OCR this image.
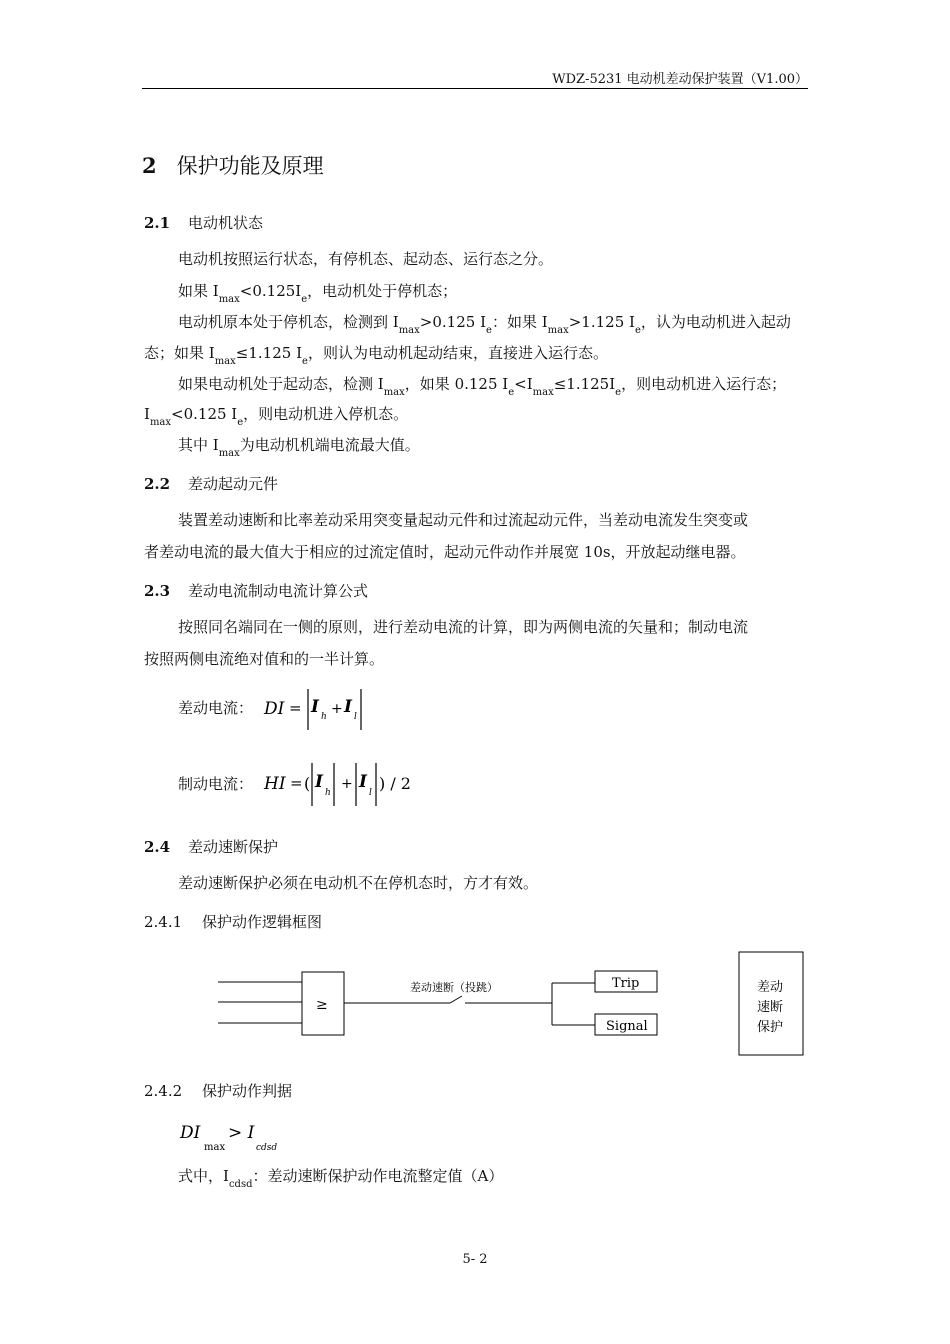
WDZ-5231 电动机差动保护装置（V1.00）
2 保护功能及原理
2.1 电动机状态
电动机按照运行状态，有停机态、起动态、运行态之分。
如果 $I_{max}<0.125I_e$，电动机处于停机态；
电动机原本处于停机态，检测到 $I_{max}>0.125$ $I_e$：如果 $I_{max}>1.125$ $I_e$，认为电动机进入起动
态；如果 $I_{max}\le 1.125$ $I_e$，则认为电动机起动结束，直接进入运行态。
如果电动机处于起动态，检测 $I_{max}$，如果 0.125 $I_e<I_{max}\le 1.125I_e$，则电动机进入运行态；
$I_{max}<0.125$ $I_e$，则电动机进入停机态。
其中 $I_{max}$为电动机机端电流最大值。
2.2 差动起动元件
装置差动速断和比率差动采用突变量起动元件和过流起动元件，当差动电流发生突变或
者差动电流的最大值大于相应的过流定值时，起动元件动作并展宽 10s，开放起动继电器。
2.3 差动电流制动电流计算公式
按照同名端同在一侧的原则，进行差动电流的计算，即为两侧电流的矢量和；制动电流
按照两侧电流绝对值和的一半计算。
差动电流： DI = I h + I l
制动电流： HI = ( I
h
+ I
l ) / 2
2.4 差动速断保护
差动速断保护必须在电动机不在停机态时，方才有效。
2.4.1 保护动作逻辑框图
≥
差动速断（投跳）	Trip
Signal
差动
速断
保护
2.4.2 保护动作判据
DI
max
> I
cdsd
式中，$I_{cdsd}$：差动速断保护动作电流整定值（A）
5- 2
